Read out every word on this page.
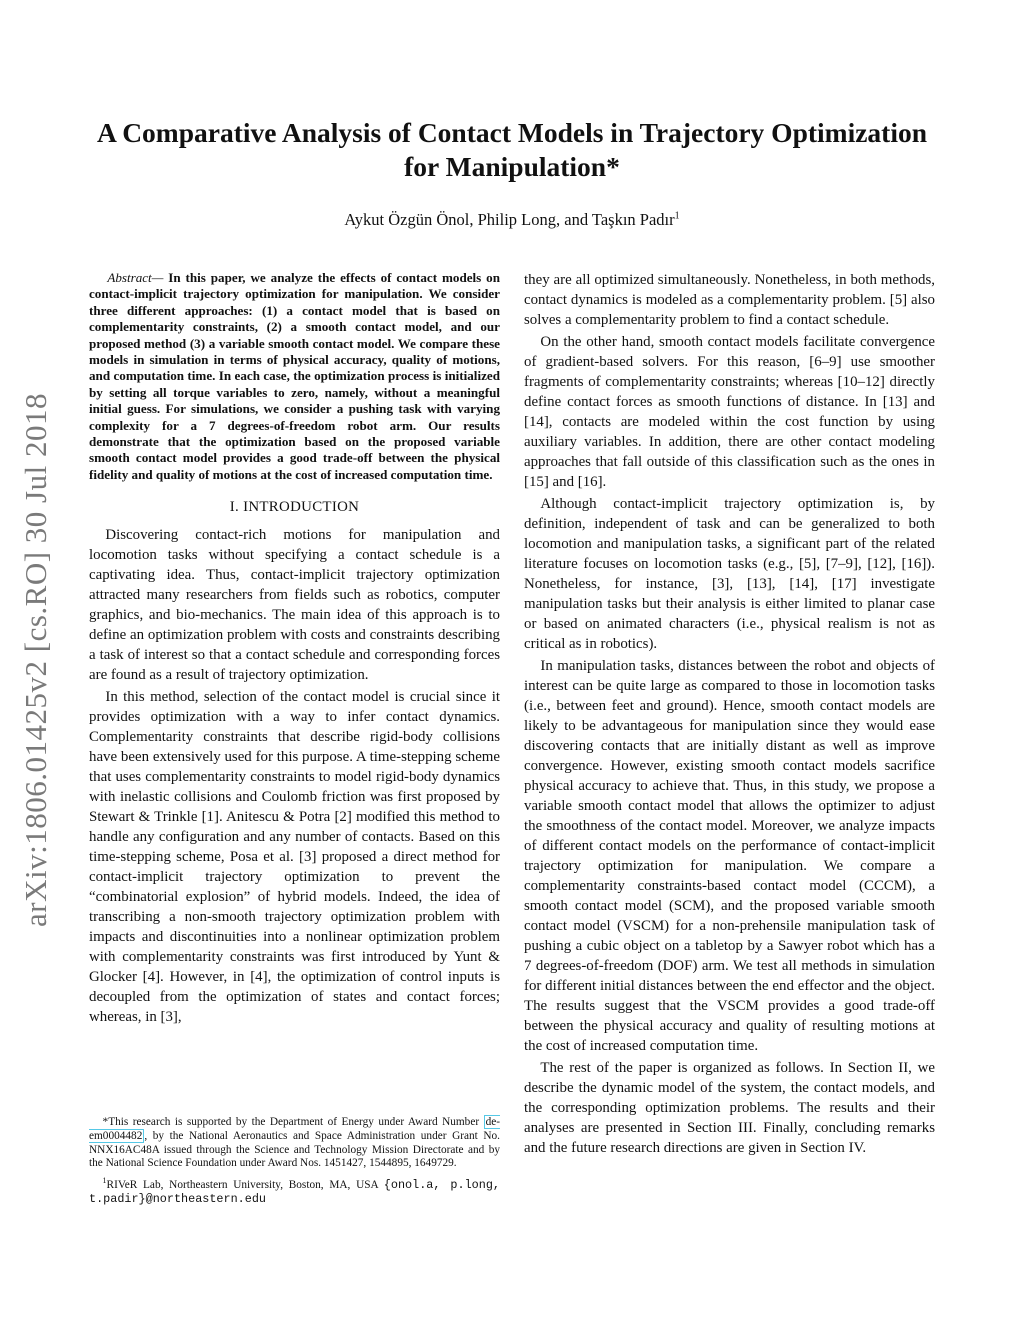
arXiv:1806.01425v2 [cs.RO] 30 Jul 2018
A Comparative Analysis of Contact Models in Trajectory Optimization
for Manipulation*
Aykut Özgün Önol, Philip Long, and Taşkın Padır$^1$

Abstract— In this paper, we analyze the effects of contact models on contact-implicit trajectory optimization for manipulation. We consider three different approaches: (1) a contact model that is based on complementarity constraints, (2) a smooth contact model, and our proposed method (3) a variable smooth contact model. We compare these models in simulation in terms of physical accuracy, quality of motions, and computation time. In each case, the optimization process is initialized by setting all torque variables to zero, namely, without a meaningful initial guess. For simulations, we consider a pushing task with varying complexity for a 7 degrees-of-freedom robot arm. Our results demonstrate that the optimization based on the proposed variable smooth contact model provides a good trade-off between the physical fidelity and quality of motions at the cost of increased computation time.

I. INTRODUCTION

Discovering contact-rich motions for manipulation and locomotion tasks without specifying a contact schedule is a captivating idea. Thus, contact-implicit trajectory optimization attracted many researchers from fields such as robotics, computer graphics, and bio-mechanics. The main idea of this approach is to define an optimization problem with costs and constraints describing a task of interest so that a contact schedule and corresponding forces are found as a result of trajectory optimization.

In this method, selection of the contact model is crucial since it provides optimization with a way to infer contact dynamics. Complementarity constraints that describe rigid-body collisions have been extensively used for this purpose. A time-stepping scheme that uses complementarity constraints to model rigid-body dynamics with inelastic collisions and Coulomb friction was first proposed by Stewart & Trinkle [1]. Anitescu & Potra [2] modified this method to handle any configuration and any number of contacts. Based on this time-stepping scheme, Posa et al. [3] proposed a direct method for contact-implicit trajectory optimization to prevent the “combinatorial explosion” of hybrid models. Indeed, the idea of transcribing a non-smooth trajectory optimization problem with impacts and discontinuities into a nonlinear optimization problem with complementarity constraints was first introduced by Yunt & Glocker [4]. However, in [4], the optimization of control inputs is decoupled from the optimization of states and contact forces; whereas, in [3],

they are all optimized simultaneously. Nonetheless, in both methods, contact dynamics is modeled as a complementarity problem. [5] also solves a complementarity problem to find a contact schedule.

On the other hand, smooth contact models facilitate convergence of gradient-based solvers. For this reason, [6–9] use smoother fragments of complementarity constraints; whereas [10–12] directly define contact forces as smooth functions of distance. In [13] and [14], contacts are modeled within the cost function by using auxiliary variables. In addition, there are other contact modeling approaches that fall outside of this classification such as the ones in [15] and [16].

Although contact-implicit trajectory optimization is, by definition, independent of task and can be generalized to both locomotion and manipulation tasks, a significant part of the related literature focuses on locomotion tasks (e.g., [5], [7–9], [12], [16]). Nonetheless, for instance, [3], [13], [14], [17] investigate manipulation tasks but their analysis is either limited to planar case or based on animated characters (i.e., physical realism is not as critical as in robotics).

In manipulation tasks, distances between the robot and objects of interest can be quite large as compared to those in locomotion tasks (i.e., between feet and ground). Hence, smooth contact models are likely to be advantageous for manipulation since they would ease discovering contacts that are initially distant as well as improve convergence. However, existing smooth contact models sacrifice physical accuracy to achieve that. Thus, in this study, we propose a variable smooth contact model that allows the optimizer to adjust the smoothness of the contact model. Moreover, we analyze impacts of different contact models on the performance of contact-implicit trajectory optimization for manipulation. We compare a complementarity constraints-based contact model (CCCM), a smooth contact model (SCM), and the proposed variable smooth contact model (VSCM) for a non-prehensile manipulation task of pushing a cubic object on a tabletop by a Sawyer robot which has a 7 degrees-of-freedom (DOF) arm. We test all methods in simulation for different initial distances between the end effector and the object. The results suggest that the VSCM provides a good trade-off between the physical accuracy and quality of resulting motions at the cost of increased computation time.

The rest of the paper is organized as follows. In Section II, we describe the dynamic model of the system, the contact models, and the corresponding optimization problems. The results and their analyses are presented in Section III. Finally, concluding remarks and the future research directions are given in Section IV.

*This research is supported by the Department of Energy under Award Number de-em0004482 , by the National Aeronautics and Space Administration under Grant No. NNX16AC48A issued through the Science and Technology Mission Directorate and by the National Science Foundation under Award Nos. 1451427, 1544895, 1649729.

$^1$RIVeR Lab, Northeastern University, Boston, MA, USA {onol.a, p.long, t.padir}@northeastern.edu
